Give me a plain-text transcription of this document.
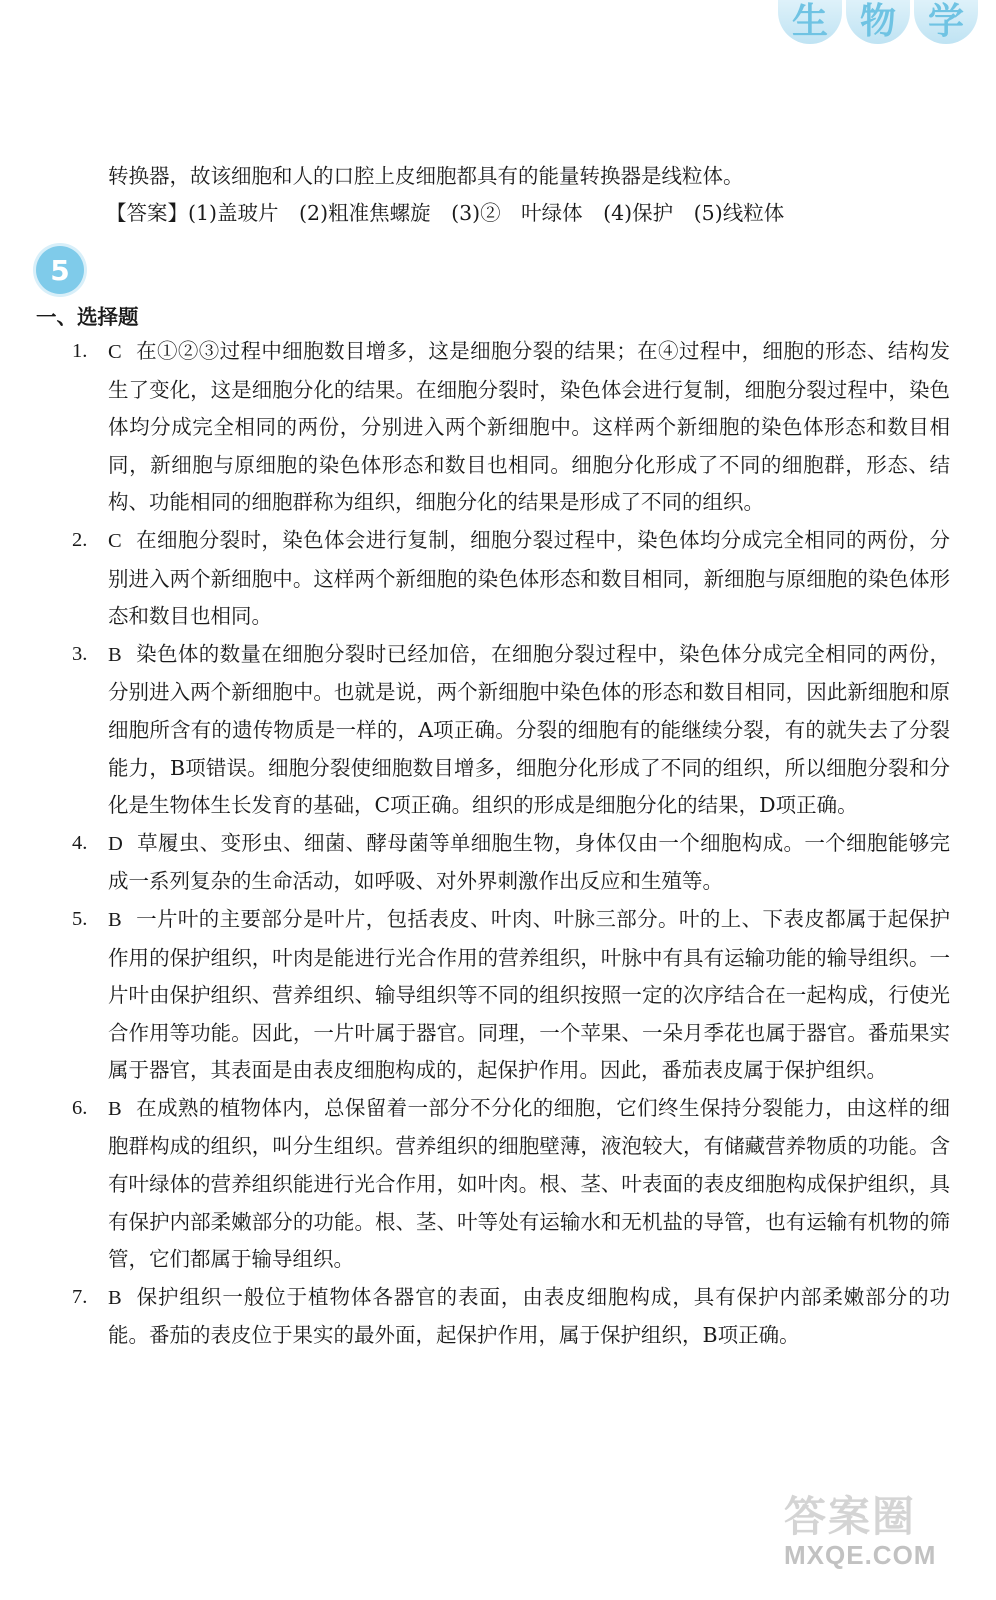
生 物 学

转换器，故该细胞和人的口腔上皮细胞都具有的能量转换器是线粒体。

【答案】(1)盖玻片　(2)粗准焦螺旋　(3)②　叶绿体　(4)保护　(5)线粒体

5
一、选择题

1.	C 在①②③过程中细胞数目增多，这是细胞分裂的结果；在④过程中，细胞的形态、结构发生了变化，这是细胞分化的结果。在细胞分裂时，染色体会进行复制，细胞分裂过程中，染色体均分成完全相同的两份，分别进入两个新细胞中。这样两个新细胞的染色体形态和数目相同，新细胞与原细胞的染色体形态和数目也相同。细胞分化形成了不同的细胞群，形态、结构、功能相同的细胞群称为组织，细胞分化的结果是形成了不同的组织。

2.	C 在细胞分裂时，染色体会进行复制，细胞分裂过程中，染色体均分成完全相同的两份，分别进入两个新细胞中。这样两个新细胞的染色体形态和数目相同，新细胞与原细胞的染色体形态和数目也相同。

3.	B 染色体的数量在细胞分裂时已经加倍，在细胞分裂过程中，染色体分成完全相同的两份，分别进入两个新细胞中。也就是说，两个新细胞中染色体的形态和数目相同，因此新细胞和原细胞所含有的遗传物质是一样的，A项正确。分裂的细胞有的能继续分裂，有的就失去了分裂能力，B项错误。细胞分裂使细胞数目增多，细胞分化形成了不同的组织，所以细胞分裂和分化是生物体生长发育的基础，C项正确。组织的形成是细胞分化的结果，D项正确。

4.	D 草履虫、变形虫、细菌、酵母菌等单细胞生物，身体仅由一个细胞构成。一个细胞能够完成一系列复杂的生命活动，如呼吸、对外界刺激作出反应和生殖等。

5.	B 一片叶的主要部分是叶片，包括表皮、叶肉、叶脉三部分。叶的上、下表皮都属于起保护作用的保护组织，叶肉是能进行光合作用的营养组织，叶脉中有具有运输功能的输导组织。一片叶由保护组织、营养组织、输导组织等不同的组织按照一定的次序结合在一起构成，行使光合作用等功能。因此，一片叶属于器官。同理，一个苹果、一朵月季花也属于器官。番茄果实属于器官，其表面是由表皮细胞构成的，起保护作用。因此，番茄表皮属于保护组织。

6.	B 在成熟的植物体内，总保留着一部分不分化的细胞，它们终生保持分裂能力，由这样的细胞群构成的组织，叫分生组织。营养组织的细胞壁薄，液泡较大，有储藏营养物质的功能。含有叶绿体的营养组织能进行光合作用，如叶肉。根、茎、叶表面的表皮细胞构成保护组织，具有保护内部柔嫩部分的功能。根、茎、叶等处有运输水和无机盐的导管，也有运输有机物的筛管，它们都属于输导组织。

7.	B 保护组织一般位于植物体各器官的表面，由表皮细胞构成，具有保护内部柔嫩部分的功能。番茄的表皮位于果实的最外面，起保护作用，属于保护组织，B项正确。

答案圈
MXQE.COM
